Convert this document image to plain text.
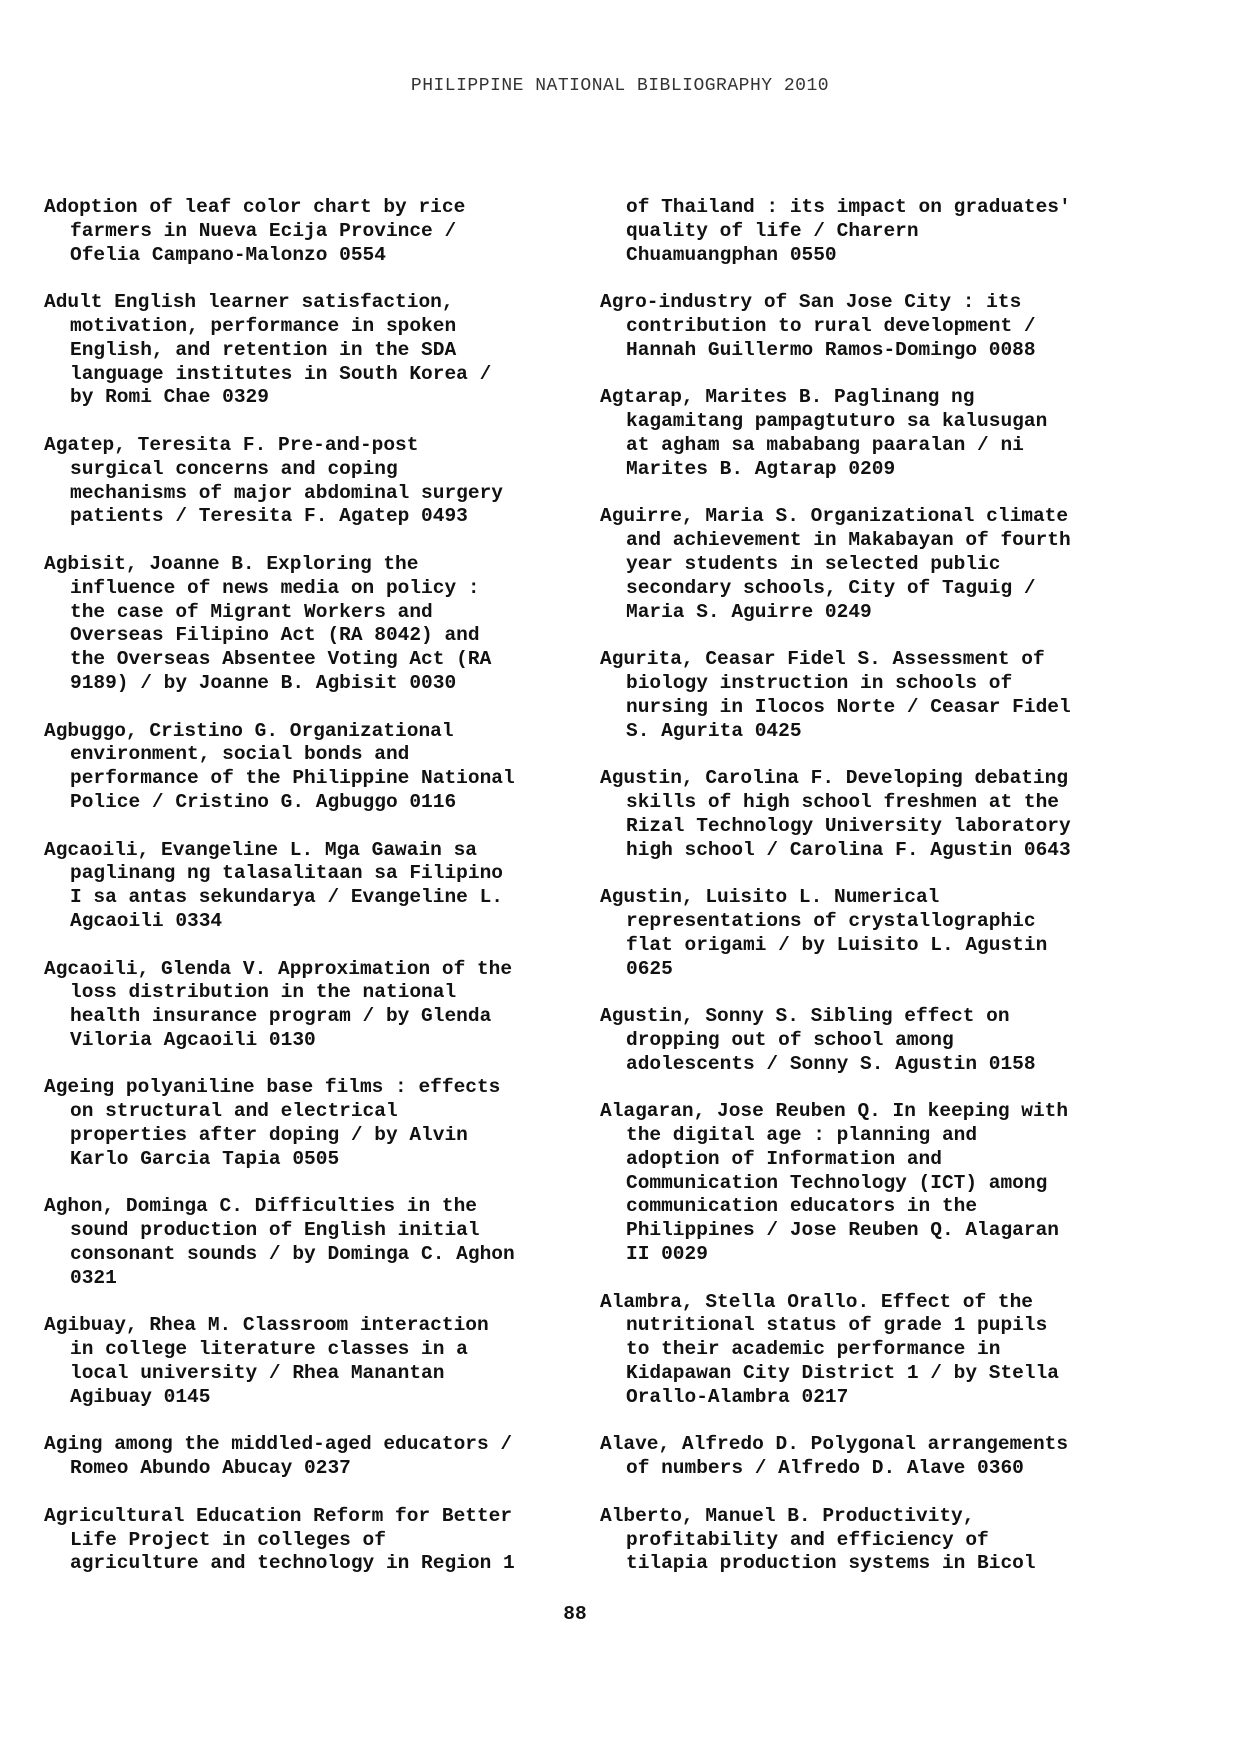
PHILIPPINE NATIONAL BIBLIOGRAPHY 2010

Adoption of leaf color chart by rice
farmers in Nueva Ecija Province /
Ofelia Campano-Malonzo 0554

Adult English learner satisfaction,
motivation, performance in spoken
English, and retention in the SDA
language institutes in South Korea /
by Romi Chae 0329

Agatep, Teresita F. Pre-and-post
surgical concerns and coping
mechanisms of major abdominal surgery
patients / Teresita F. Agatep 0493

Agbisit, Joanne B. Exploring the
influence of news media on policy :
the case of Migrant Workers and
Overseas Filipino Act (RA 8042) and
the Overseas Absentee Voting Act (RA
9189) / by Joanne B. Agbisit 0030

Agbuggo, Cristino G. Organizational
environment, social bonds and
performance of the Philippine National
Police / Cristino G. Agbuggo 0116

Agcaoili, Evangeline L. Mga Gawain sa
paglinang ng talasalitaan sa Filipino
I sa antas sekundarya / Evangeline L.
Agcaoili 0334

Agcaoili, Glenda V. Approximation of the
loss distribution in the national
health insurance program / by Glenda
Viloria Agcaoili 0130

Ageing polyaniline base films : effects
on structural and electrical
properties after doping / by Alvin
Karlo Garcia Tapia 0505

Aghon, Dominga C. Difficulties in the
sound production of English initial
consonant sounds / by Dominga C. Aghon
0321

Agibuay, Rhea M. Classroom interaction
in college literature classes in a
local university / Rhea Manantan
Agibuay 0145

Aging among the middled-aged educators /
Romeo Abundo Abucay 0237

Agricultural Education Reform for Better
Life Project in colleges of
agriculture and technology in Region 1

of Thailand : its impact on graduates'
quality of life / Charern
Chuamuangphan 0550

Agro-industry of San Jose City : its
contribution to rural development /
Hannah Guillermo Ramos-Domingo 0088

Agtarap, Marites B. Paglinang ng
kagamitang pampagtuturo sa kalusugan
at agham sa mababang paaralan / ni
Marites B. Agtarap 0209

Aguirre, Maria S. Organizational climate
and achievement in Makabayan of fourth
year students in selected public
secondary schools, City of Taguig /
Maria S. Aguirre 0249

Agurita, Ceasar Fidel S. Assessment of
biology instruction in schools of
nursing in Ilocos Norte / Ceasar Fidel
S. Agurita 0425

Agustin, Carolina F. Developing debating
skills of high school freshmen at the
Rizal Technology University laboratory
high school / Carolina F. Agustin 0643

Agustin, Luisito L. Numerical
representations of crystallographic
flat origami / by Luisito L. Agustin
0625

Agustin, Sonny S. Sibling effect on
dropping out of school among
adolescents / Sonny S. Agustin 0158

Alagaran, Jose Reuben Q. In keeping with
the digital age : planning and
adoption of Information and
Communication Technology (ICT) among
communication educators in the
Philippines / Jose Reuben Q. Alagaran
II 0029

Alambra, Stella Orallo. Effect of the
nutritional status of grade 1 pupils
to their academic performance in
Kidapawan City District 1 / by Stella
Orallo-Alambra 0217

Alave, Alfredo D. Polygonal arrangements
of numbers / Alfredo D. Alave 0360

Alberto, Manuel B. Productivity,
profitability and efficiency of
tilapia production systems in Bicol

88
